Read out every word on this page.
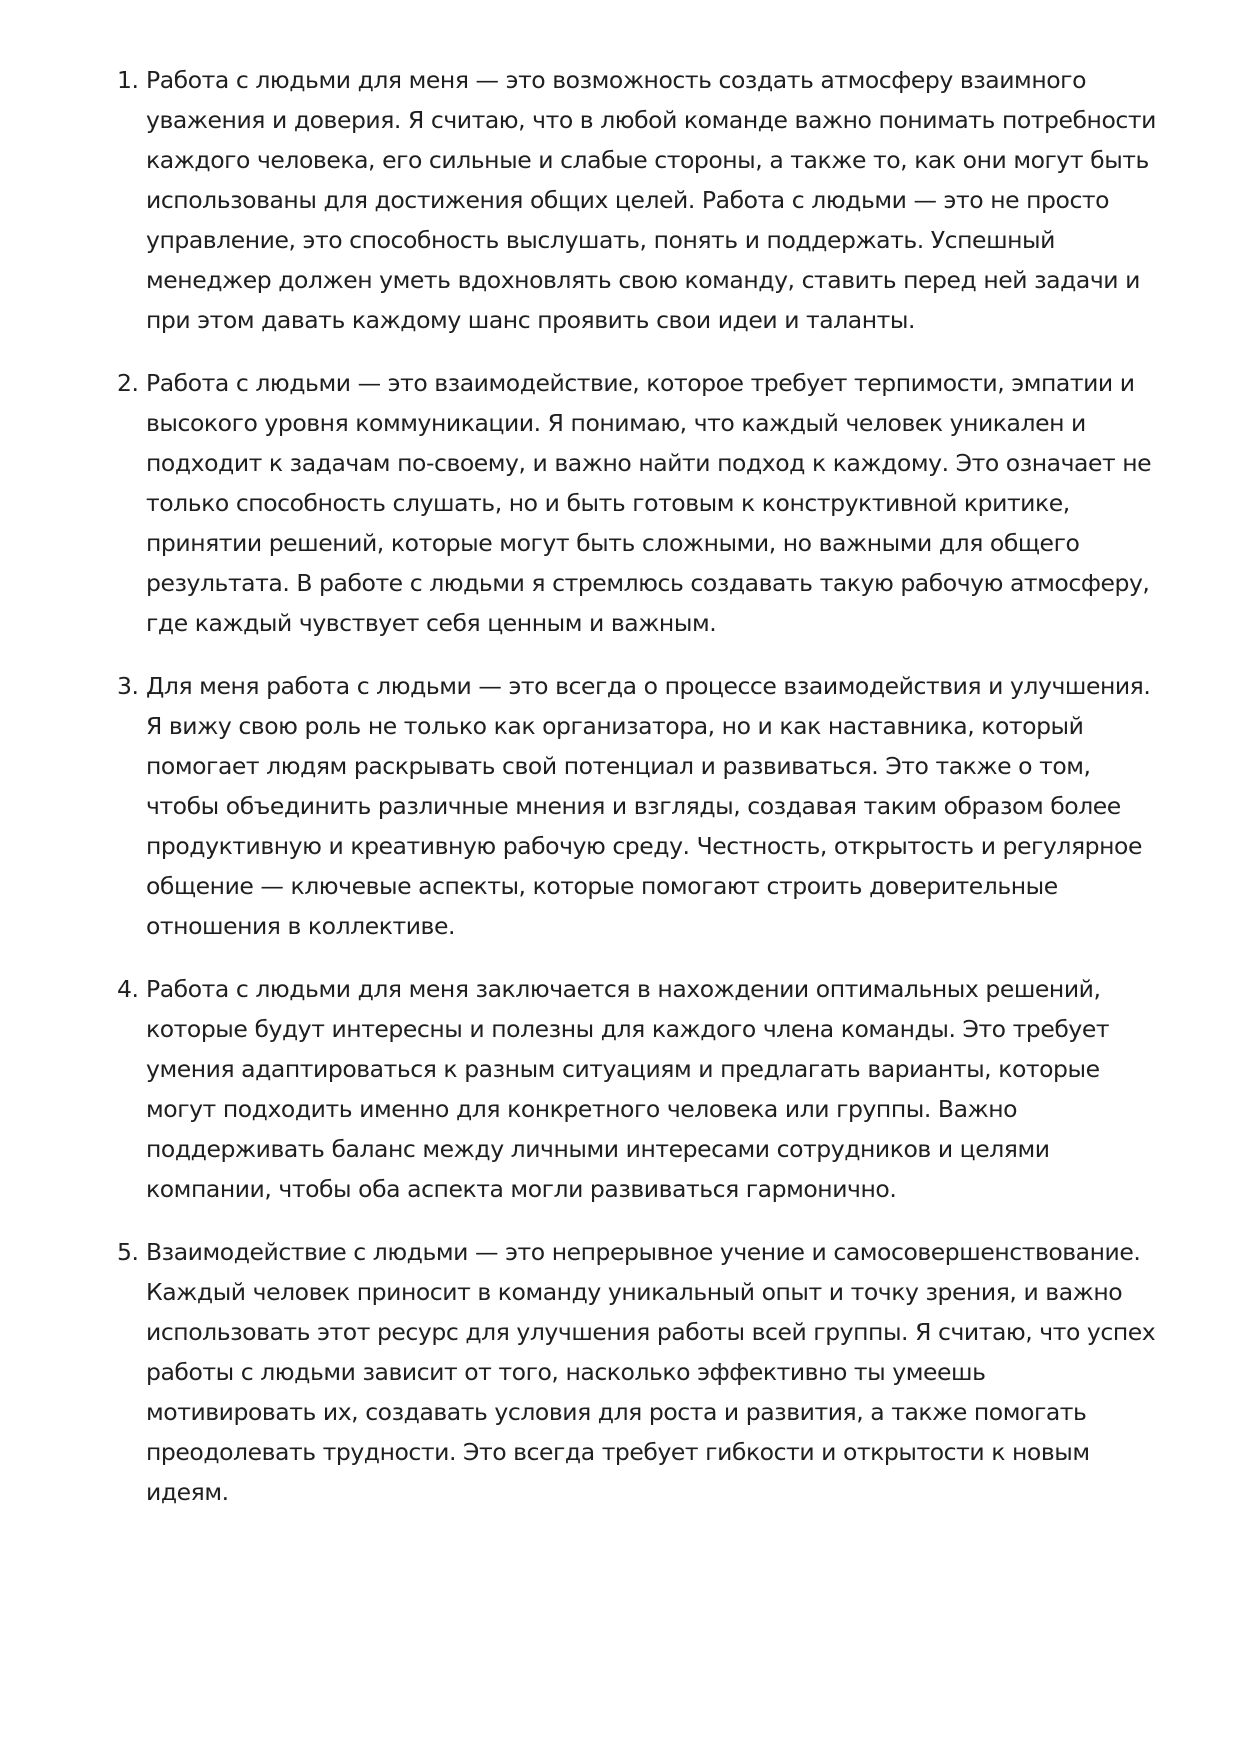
1. Работа с людьми для меня — это возможность создать атмосферу взаимного уважения и доверия. Я считаю, что в любой команде важно понимать потребности каждого человека, его сильные и слабые стороны, а также то, как они могут быть использованы для достижения общих целей. Работа с людьми — это не просто управление, это способность выслушать, понять и поддержать. Успешный менеджер должен уметь вдохновлять свою команду, ставить перед ней задачи и при этом давать каждому шанс проявить свои идеи и таланты.
2. Работа с людьми — это взаимодействие, которое требует терпимости, эмпатии и высокого уровня коммуникации. Я понимаю, что каждый человек уникален и подходит к задачам по-своему, и важно найти подход к каждому. Это означает не только способность слушать, но и быть готовым к конструктивной критике, принятии решений, которые могут быть сложными, но важными для общего результата. В работе с людьми я стремлюсь создавать такую рабочую атмосферу, где каждый чувствует себя ценным и важным.
3. Для меня работа с людьми — это всегда о процессе взаимодействия и улучшения. Я вижу свою роль не только как организатора, но и как наставника, который помогает людям раскрывать свой потенциал и развиваться. Это также о том, чтобы объединить различные мнения и взгляды, создавая таким образом более продуктивную и креативную рабочую среду. Честность, открытость и регулярное общение — ключевые аспекты, которые помогают строить доверительные отношения в коллективе.
4. Работа с людьми для меня заключается в нахождении оптимальных решений, которые будут интересны и полезны для каждого члена команды. Это требует умения адаптироваться к разным ситуациям и предлагать варианты, которые могут подходить именно для конкретного человека или группы. Важно поддерживать баланс между личными интересами сотрудников и целями компании, чтобы оба аспекта могли развиваться гармонично.
5. Взаимодействие с людьми — это непрерывное учение и самосовершенствование. Каждый человек приносит в команду уникальный опыт и точку зрения, и важно использовать этот ресурс для улучшения работы всей группы. Я считаю, что успех работы с людьми зависит от того, насколько эффективно ты умеешь мотивировать их, создавать условия для роста и развития, а также помогать преодолевать трудности. Это всегда требует гибкости и открытости к новым идеям.
